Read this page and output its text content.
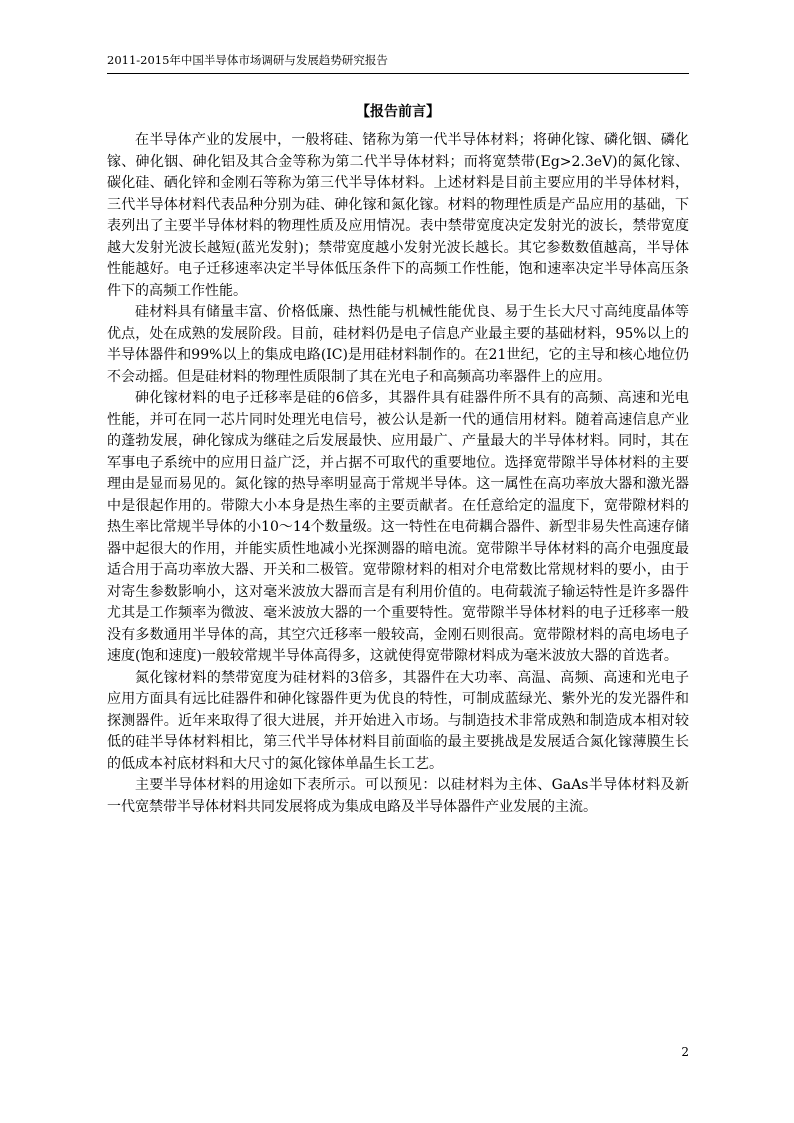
2011-2015年中国半导体市场调研与发展趋势研究报告
【报告前言】

在半导体产业的发展中，一般将硅、锗称为第一代半导体材料；将砷化镓、磷化铟、磷化镓、砷化铟、砷化铝及其合金等称为第二代半导体材料；而将宽禁带(Eg>2.3eV)的氮化镓、碳化硅、硒化锌和金刚石等称为第三代半导体材料。上述材料是目前主要应用的半导体材料，三代半导体材料代表品种分别为硅、砷化镓和氮化镓。材料的物理性质是产品应用的基础，下表列出了主要半导体材料的物理性质及应用情况。表中禁带宽度决定发射光的波长，禁带宽度越大发射光波长越短(蓝光发射)；禁带宽度越小发射光波长越长。其它参数数值越高，半导体性能越好。电子迁移速率决定半导体低压条件下的高频工作性能，饱和速率决定半导体高压条件下的高频工作性能。

硅材料具有储量丰富、价格低廉、热性能与机械性能优良、易于生长大尺寸高纯度晶体等优点，处在成熟的发展阶段。目前，硅材料仍是电子信息产业最主要的基础材料，95%以上的半导体器件和99%以上的集成电路(IC)是用硅材料制作的。在21世纪，它的主导和核心地位仍不会动摇。但是硅材料的物理性质限制了其在光电子和高频高功率器件上的应用。

砷化镓材料的电子迁移率是硅的6倍多，其器件具有硅器件所不具有的高频、高速和光电性能，并可在同一芯片同时处理光电信号，被公认是新一代的通信用材料。随着高速信息产业的蓬勃发展，砷化镓成为继硅之后发展最快、应用最广、产量最大的半导体材料。同时，其在军事电子系统中的应用日益广泛，并占据不可取代的重要地位。选择宽带隙半导体材料的主要理由是显而易见的。氮化镓的热导率明显高于常规半导体。这一属性在高功率放大器和激光器中是很起作用的。带隙大小本身是热生率的主要贡献者。在任意给定的温度下，宽带隙材料的热生率比常规半导体的小10～14个数量级。这一特性在电荷耦合器件、新型非易失性高速存储器中起很大的作用，并能实质性地减小光探测器的暗电流。宽带隙半导体材料的高介电强度最适合用于高功率放大器、开关和二极管。宽带隙材料的相对介电常数比常规材料的要小，由于对寄生参数影响小，这对毫米波放大器而言是有利用价值的。电荷载流子输运特性是许多器件尤其是工作频率为微波、毫米波放大器的一个重要特性。宽带隙半导体材料的电子迁移率一般没有多数通用半导体的高，其空穴迁移率一般较高，金刚石则很高。宽带隙材料的高电场电子速度(饱和速度)一般较常规半导体高得多，这就使得宽带隙材料成为毫米波放大器的首选者。

氮化镓材料的禁带宽度为硅材料的3倍多，其器件在大功率、高温、高频、高速和光电子应用方面具有远比硅器件和砷化镓器件更为优良的特性，可制成蓝绿光、紫外光的发光器件和探测器件。近年来取得了很大进展，并开始进入市场。与制造技术非常成熟和制造成本相对较低的硅半导体材料相比，第三代半导体材料目前面临的最主要挑战是发展适合氮化镓薄膜生长的低成本衬底材料和大尺寸的氮化镓体单晶生长工艺。

主要半导体材料的用途如下表所示。可以预见：以硅材料为主体、GaAs半导体材料及新一代宽禁带半导体材料共同发展将成为集成电路及半导体器件产业发展的主流。

2
